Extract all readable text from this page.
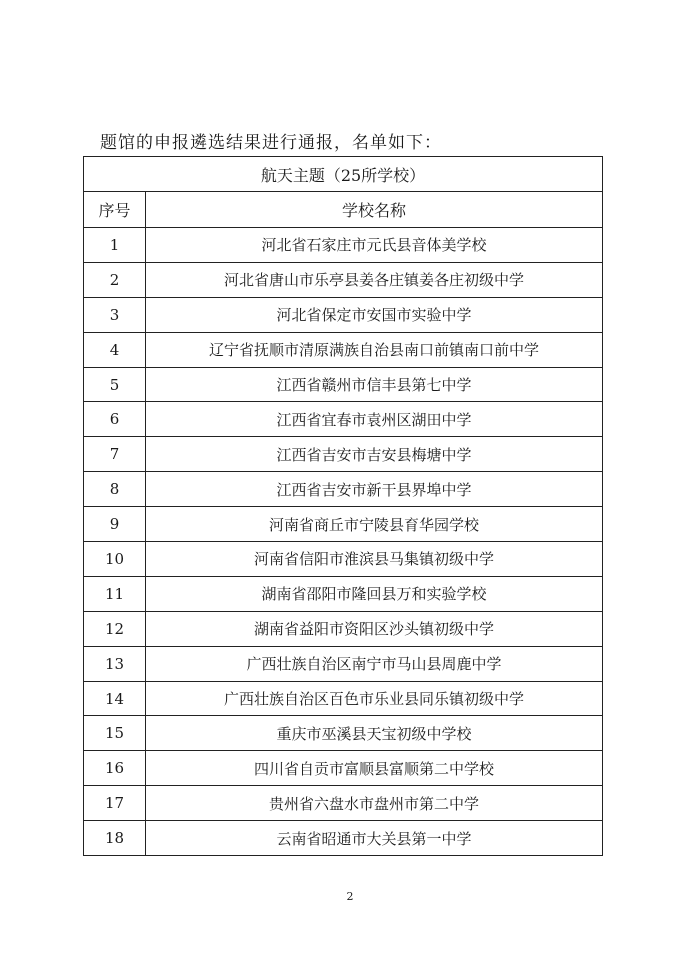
题馆的申报遴选结果进行通报，名单如下：
航天主题（25所学校）	
序号	学校名称
1	河北省石家庄市元氏县音体美学校
2	河北省唐山市乐亭县姜各庄镇姜各庄初级中学
3	河北省保定市安国市实验中学
4	辽宁省抚顺市清原满族自治县南口前镇南口前中学
5	江西省赣州市信丰县第七中学
6	江西省宜春市袁州区湖田中学
7	江西省吉安市吉安县梅塘中学
8	江西省吉安市新干县界埠中学
9	河南省商丘市宁陵县育华园学校
10	河南省信阳市淮滨县马集镇初级中学
11	湖南省邵阳市隆回县万和实验学校
12	湖南省益阳市资阳区沙头镇初级中学
13	广西壮族自治区南宁市马山县周鹿中学
14	广西壮族自治区百色市乐业县同乐镇初级中学
15	重庆市巫溪县天宝初级中学校
16	四川省自贡市富顺县富顺第二中学校
17	贵州省六盘水市盘州市第二中学
18	云南省昭通市大关县第一中学
2
